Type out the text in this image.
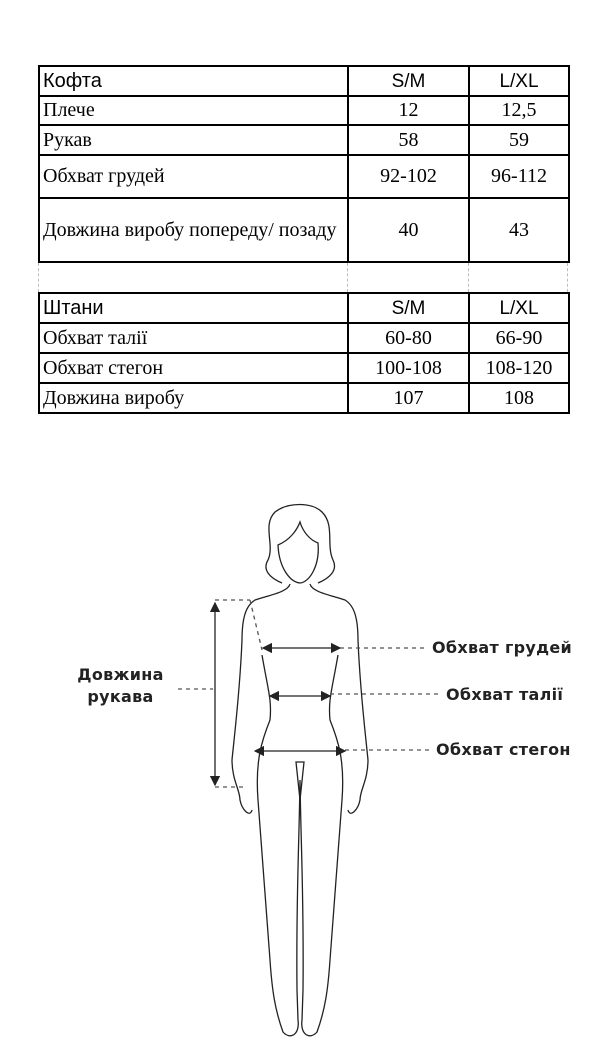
Кофта	S/M	L/XL
Плече	12	12,5
Рукав	58	59
Обхват грудей	92-102	96-112
Довжина виробу попереду/ позаду	40	43
Штани	S/M	L/XL
Обхват талії	60-80	66-90
Обхват стегон	100-108	108-120
Довжина виробу	107	108
Довжина
рукава
Обхват грудей
Обхват талії
Обхват стегон
